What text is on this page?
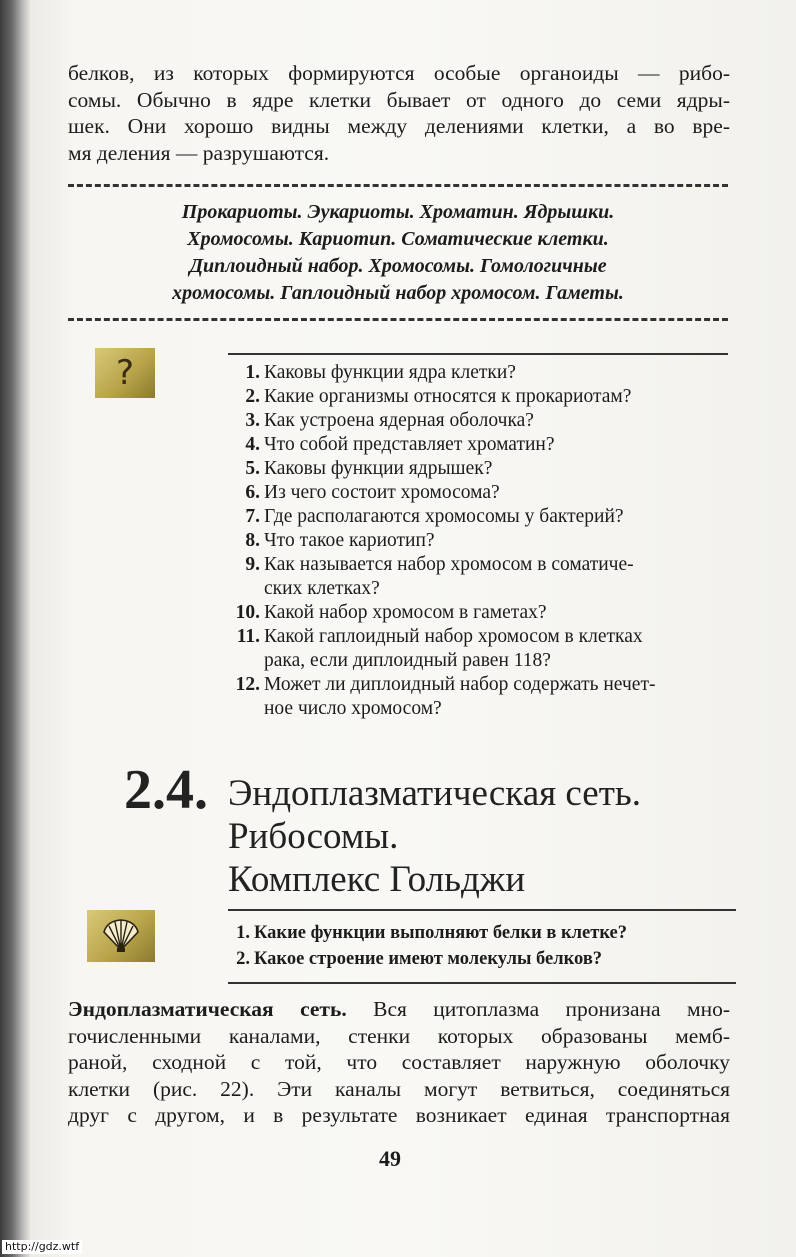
белков, из которых формируются особые органоиды — рибо-
сомы. Обычно в ядре клетки бывает от одного до семи ядры-
шек. Они хорошо видны между делениями клетки, а во вре-
мя деления — разрушаются.
Прокариоты. Эукариоты. Хроматин. Ядрышки.
Хромосомы. Кариотип. Соматические клетки.
Диплоидный набор. Хромосомы. Гомологичные
хромосомы. Гаплоидный набор хромосом. Гаметы.
?	1. Каковы функции ядра клетки?
2. Какие организмы относятся к прокариотам?
3. Как устроена ядерная оболочка?
4. Что собой представляет хроматин?
5. Каковы функции ядрышек?
6. Из чего состоит хромосома?
7. Где располагаются хромосомы у бактерий?
8. Что такое кариотип?
9. Как называется набор хромосом в соматиче-
ских клетках?
10. Какой набор хромосом в гаметах?
11. Какой гаплоидный набор хромосом в клетках
рака, если диплоидный равен 118?
12. Может ли диплоидный набор содержать нечет-
ное число хромосом?
2.4. Эндоплазматическая сеть.
Рибосомы.
Комплекс Гольджи
1. Какие функции выполняют белки в клетке?
2. Какое строение имеют молекулы белков?
Эндоплазматическая сеть. Вся цитоплазма пронизана мно-
гочисленными каналами, стенки которых образованы мемб-
раной, сходной с той, что составляет наружную оболочку
клетки (рис. 22). Эти каналы могут ветвиться, соединяться
друг с другом, и в результате возникает единая транспортная
49
http://gdz.wtf
